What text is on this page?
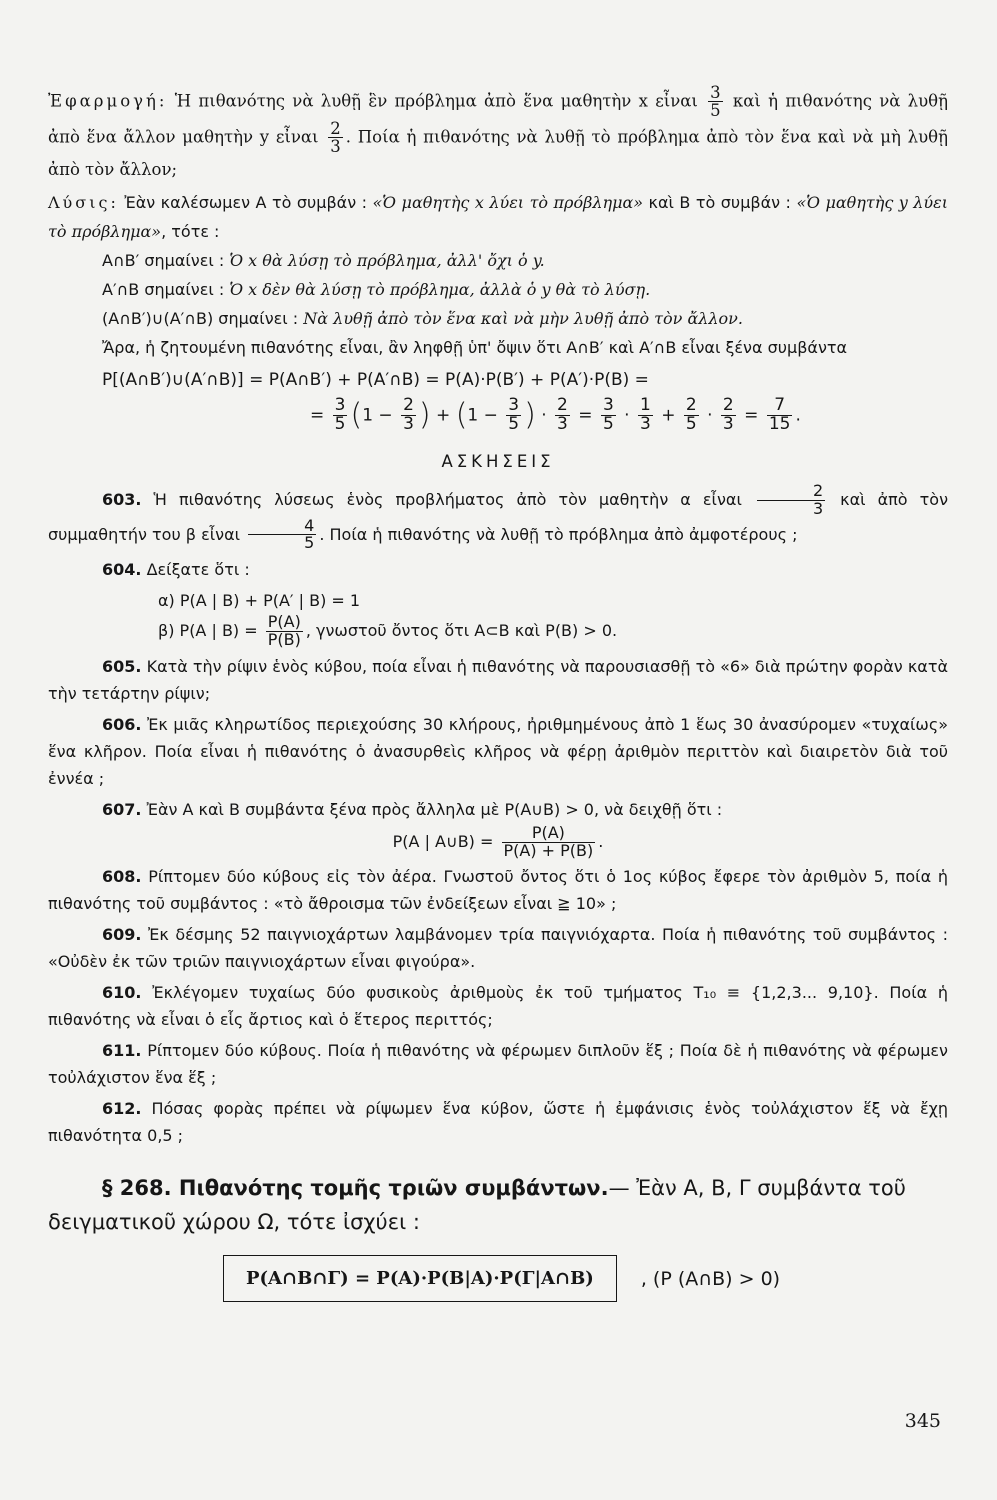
Ἐφαρμογή: Ἡ πιθανότης νὰ λυθῇ ἓν πρόβλημα ἀπὸ ἕνα μαθητὴν x εἶναι $\frac{3}{5}$ καὶ ἡ πιθανότης νὰ λυθῇ ἀπὸ ἕνα ἄλλον μαθητὴν y εἶναι $\frac{2}{3}$ . Ποία ἡ πιθανότης νὰ λυθῇ τὸ πρόβλημα ἀπὸ τὸν ἕνα καὶ νὰ μὴ λυθῇ ἀπὸ τὸν ἄλλον;

Λύσις: Ἐὰν καλέσωμεν Α τὸ συμβάν : «Ὁ μαθητὴς x λύει τὸ πρόβλημα» καὶ Β τὸ συμβάν : «Ὁ μαθητὴς y λύει τὸ πρόβλημα», τότε :

Α∩Β′ σημαίνει : Ὁ x θὰ λύσῃ τὸ πρόβλημα, ἀλλ' ὄχι ὁ y.
Α′∩Β σημαίνει : Ὁ x δὲν θὰ λύσῃ τὸ πρόβλημα, ἀλλὰ ὁ y θὰ τὸ λύσῃ.
(Α∩Β′)∪(Α′∩Β) σημαίνει : Νὰ λυθῇ ἀπὸ τὸν ἕνα καὶ νὰ μὴν λυθῇ ἀπὸ τὸν ἄλλον.

Ἄρα, ἡ ζητουμένη πιθανότης εἶναι, ἂν ληφθῇ ὑπ' ὄψιν ὅτι Α∩Β′ καὶ Α′∩Β εἶναι ξένα συμβάντα

P[(Α∩Β′)∪(Α′∩Β)] = P(Α∩Β′) + P(Α′∩Β) = P(Α)·P(Β′) + P(Α′)·P(Β) =
= $\frac{3}{5} (1 - \frac{2}{3}$ ) + ($1 - \frac{3}{5}$ ) · $\frac{2}{3} = \frac{3}{5} \cdot \frac{1}{3} + \frac{2}{5} \cdot \frac{2}{3} = \frac{7}{15}$ .
ΑΣΚΗΣΕΙΣ

603. Ἡ πιθανότης λύσεως ἑνὸς προβλήματος ἀπὸ τὸν μαθητὴν α εἶναι $\frac{2}{3}$ καὶ ἀπὸ τὸν συμμαθητήν του β εἶναι $\frac{4}{5}$ . Ποία ἡ πιθανότης νὰ λυθῇ τὸ πρόβλημα ἀπὸ ἀμφοτέρους ;

604. Δείξατε ὅτι :

α) P(Α | Β) + P(Α′ | Β) = 1
β) P(Α | $B) = \frac{P(A)}{P(B)}$ , γνωστοῦ ὄντος ὅτι Α⊂Β καὶ P(Β) > 0.

605. Κατὰ τὴν ρίψιν ἑνὸς κύβου, ποία εἶναι ἡ πιθανότης νὰ παρουσιασθῇ τὸ «6» διὰ πρώτην φορὰν κατὰ τὴν τετάρτην ρίψιν;

606. Ἐκ μιᾶς κληρωτίδος περιεχούσης 30 κλήρους, ἠριθμημένους ἀπὸ 1 ἕως 30 ἀνασύρομεν «τυχαίως» ἕνα κλῆρον. Ποία εἶναι ἡ πιθανότης ὁ ἀνασυρθεὶς κλῆρος νὰ φέρῃ ἀριθμὸν περιττὸν καὶ διαιρετὸν διὰ τοῦ ἐννέα ;

607. Ἐὰν Α καὶ Β συμβάντα ξένα πρὸς ἄλληλα μὲ P(Α∪Β) > 0, νὰ δειχθῇ ὅτι :

P(Α | Α∪Β) = $\frac{P(A)}{P(A) + P(B)}$ .

608. Ρίπτομεν δύο κύβους εἰς τὸν ἀέρα. Γνωστοῦ ὄντος ὅτι ὁ 1ος κύβος ἔφερε τὸν ἀριθμὸν 5, ποία ἡ πιθανότης τοῦ συμβάντος : «τὸ ἄθροισμα τῶν ἐνδείξεων εἶναι ≧ 10» ;

609. Ἐκ δέσμης 52 παιγνιοχάρτων λαμβάνομεν τρία παιγνιόχαρτα. Ποία ἡ πιθανότης τοῦ συμβάντος : «Οὐδὲν ἐκ τῶν τριῶν παιγνιοχάρτων εἶναι φιγούρα».

610. Ἐκλέγομεν τυχαίως δύο φυσικοὺς ἀριθμοὺς ἐκ τοῦ τμήματος T₁₀ ≡ {1,2,3... 9,10}. Ποία ἡ πιθανότης νὰ εἶναι ὁ εἷς ἄρτιος καὶ ὁ ἕτερος περιττός;

611. Ρίπτομεν δύο κύβους. Ποία ἡ πιθανότης νὰ φέρωμεν διπλοῦν ἕξ ; Ποία δὲ ἡ πιθανότης νὰ φέρωμεν τοὐλάχιστον ἕνα ἕξ ;

612. Πόσας φορὰς πρέπει νὰ ρίψωμεν ἕνα κύβον, ὥστε ἡ ἐμφάνισις ἑνὸς τοὐλάχιστον ἕξ νὰ ἔχῃ πιθανότητα 0,5 ;

§ 268. Πιθανότης τομῆς τριῶν συμβάντων.— Ἐὰν Α, Β, Γ συμβάντα τοῦ δειγματικοῦ χώρου Ω, τότε ἰσχύει :

P(Α∩Β∩Γ) = P(Α)·P(Β|Α)·P(Γ|Α∩Β)	, (P (Α∩Β) > 0)
345
